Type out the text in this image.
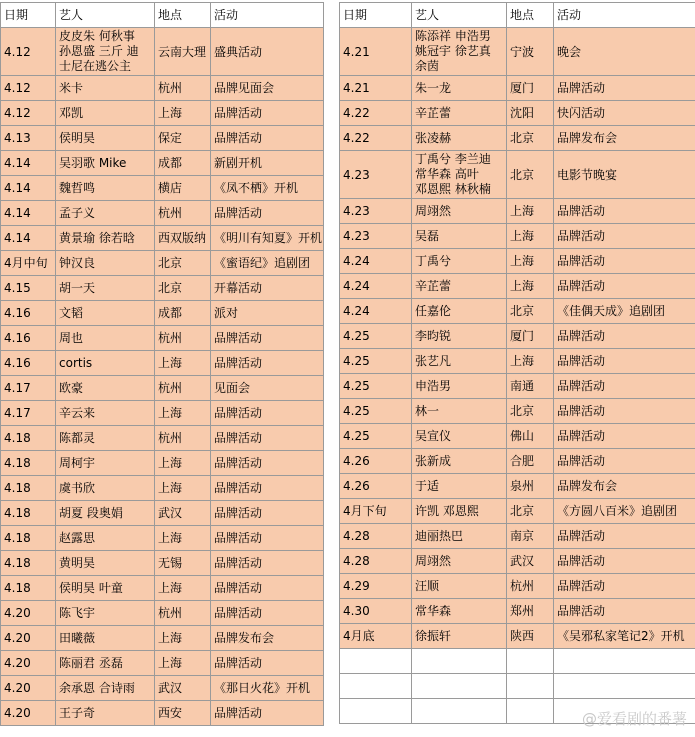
日期	艺人	地点	活动
4.12	皮皮朱 何秋事
孙恩盛 三斤 迪
士尼在逃公主	云南大理	盛典活动
4.12	米卡	杭州	品牌见面会
4.12	邓凯	上海	品牌活动
4.13	侯明昊	保定	品牌活动
4.14	吴羽歌 Mike	成都	新剧开机
4.14	魏哲鸣	横店	《凤不栖》开机
4.14	孟子义	杭州	品牌活动
4.14	黄景瑜 徐若晗	西双版纳	《明川有知夏》开机
4月中旬	钟汉良	北京	《蜜语纪》追剧团
4.15	胡一天	北京	开幕活动
4.16	文韬	成都	派对
4.16	周也	杭州	品牌活动
4.16	cortis	上海	品牌活动
4.17	欧豪	杭州	见面会
4.17	辛云来	上海	品牌活动
4.18	陈都灵	杭州	品牌活动
4.18	周柯宇	上海	品牌活动
4.18	虞书欣	上海	品牌活动
4.18	胡夏 段奥娟	武汉	品牌活动
4.18	赵露思	上海	品牌活动
4.18	黄明昊	无锡	品牌活动
4.18	侯明昊 叶童	上海	品牌活动
4.20	陈飞宇	杭州	品牌活动
4.20	田曦薇	上海	品牌发布会
4.20	陈丽君 丞磊	上海	品牌活动
4.20	余承恩 合诗雨	武汉	《那日火花》开机
4.20	王子奇	西安	品牌活动
日期	艺人	地点	活动
4.21	陈添祥 申浩男
姚冠宇 徐艺真
余茵	宁波	晚会
4.21	朱一龙	厦门	品牌活动
4.22	辛芷蕾	沈阳	快闪活动
4.22	张凌赫	北京	品牌发布会
4.23	丁禹兮 李兰迪
常华森 高叶
邓恩熙 林秋楠	北京	电影节晚宴
4.23	周翊然	上海	品牌活动
4.23	吴磊	上海	品牌活动
4.24	丁禹兮	上海	品牌活动
4.24	辛芷蕾	上海	品牌活动
4.24	任嘉伦	北京	《佳偶天成》追剧团
4.25	李昀锐	厦门	品牌活动
4.25	张艺凡	上海	品牌活动
4.25	申浩男	南通	品牌活动
4.25	林一	北京	品牌活动
4.25	吴宣仪	佛山	品牌活动
4.26	张新成	合肥	品牌活动
4.26	于适	泉州	品牌发布会
4月下旬	许凯 邓恩熙	北京	《方圆八百米》追剧团
4.28	迪丽热巴	南京	品牌活动
4.28	周翊然	武汉	品牌活动
4.29	汪顺	杭州	品牌活动
4.30	常华森	郑州	品牌活动
4月底	徐振轩	陕西	《吴邪私家笔记2》开机

@爱看剧的番薯
